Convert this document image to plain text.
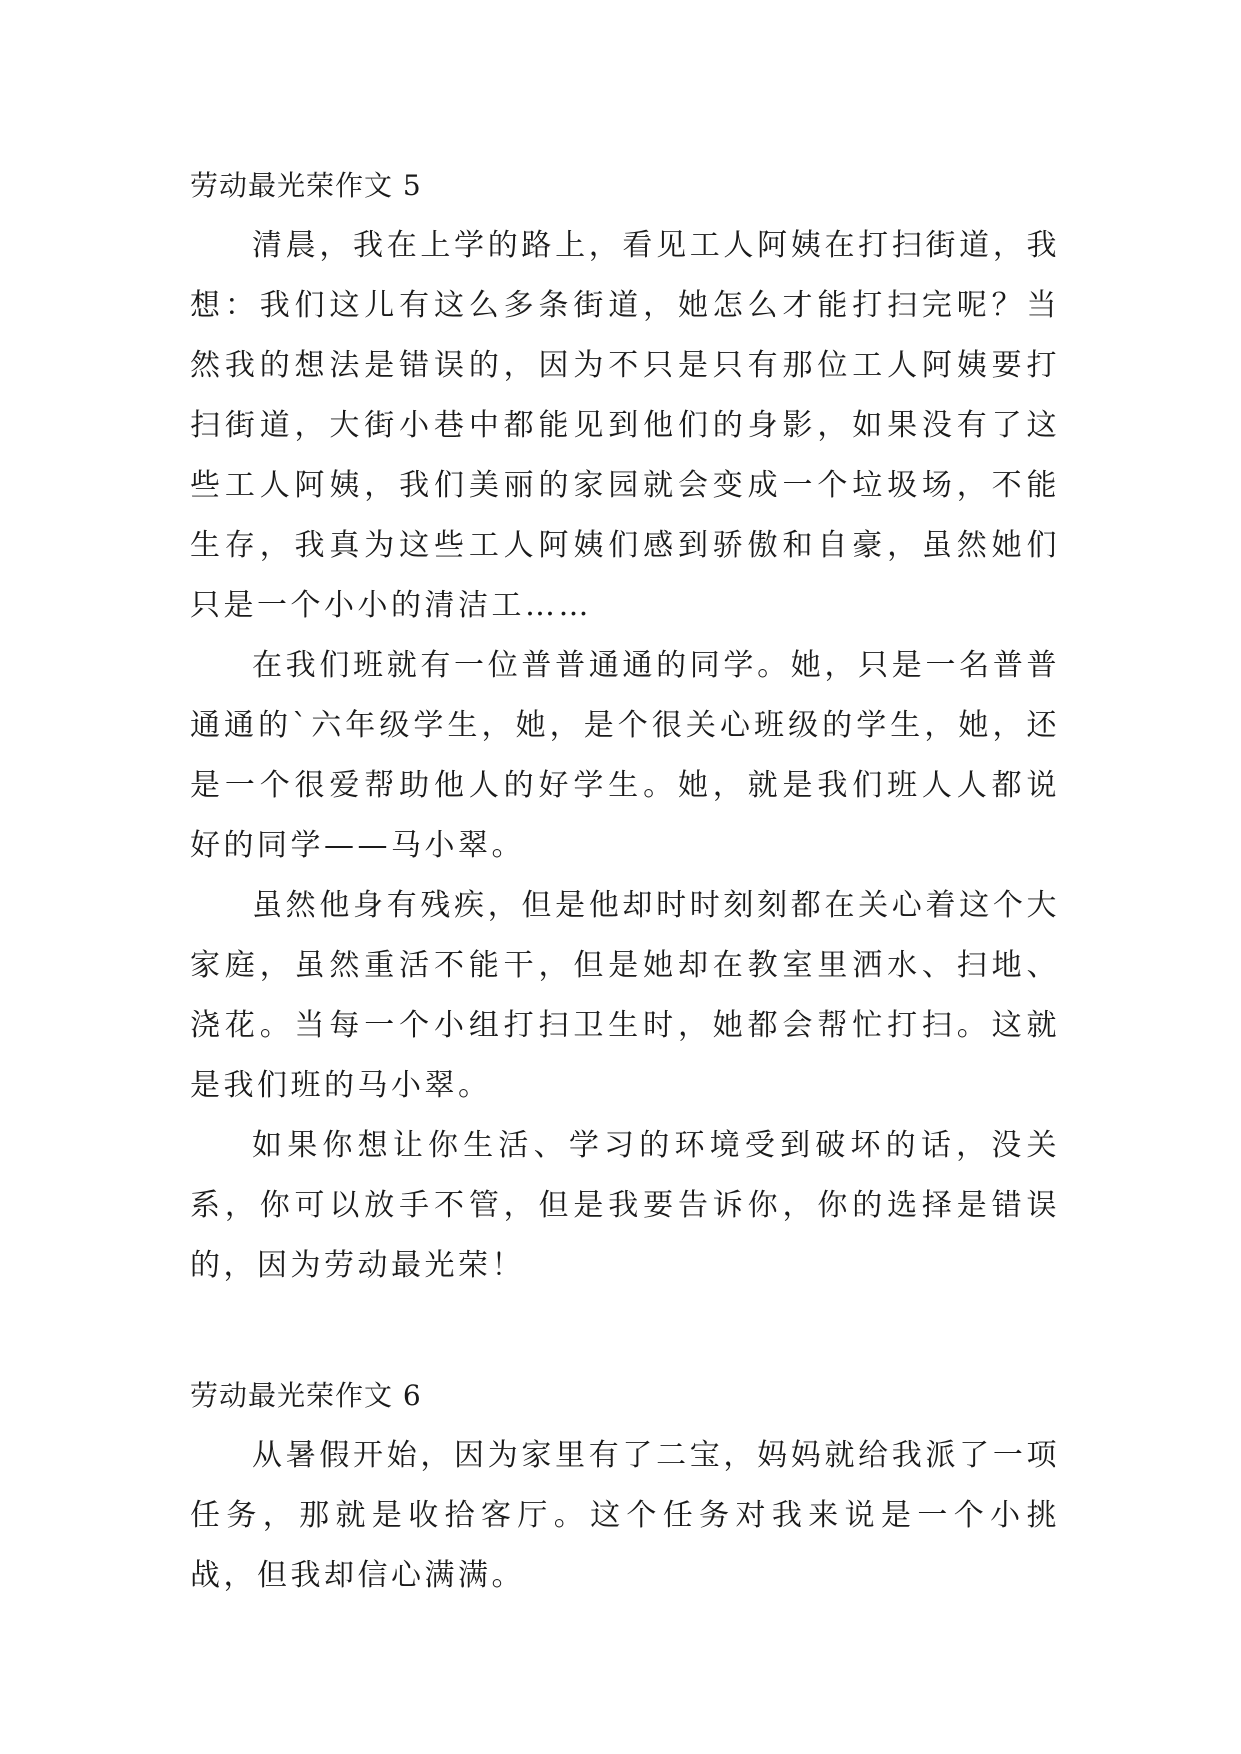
劳动最光荣作文 5

清晨，我在上学的路上，看见工人阿姨在打扫街道，我想：我们这儿有这么多条街道，她怎么才能打扫完呢？当然我的想法是错误的，因为不只是只有那位工人阿姨要打扫街道，大街小巷中都能见到他们的身影，如果没有了这些工人阿姨，我们美丽的家园就会变成一个垃圾场，不能生存，我真为这些工人阿姨们感到骄傲和自豪，虽然她们只是一个小小的清洁工……

在我们班就有一位普普通通的同学。她，只是一名普普通通的`六年级学生，她，是个很关心班级的学生，她，还是一个很爱帮助他人的好学生。她，就是我们班人人都说好的同学——马小翠。

虽然他身有残疾，但是他却时时刻刻都在关心着这个大家庭，虽然重活不能干，但是她却在教室里洒水、扫地、浇花。当每一个小组打扫卫生时，她都会帮忙打扫。这就是我们班的马小翠。

如果你想让你生活、学习的环境受到破坏的话，没关系，你可以放手不管，但是我要告诉你，你的选择是错误的，因为劳动最光荣！

劳动最光荣作文 6

从暑假开始，因为家里有了二宝，妈妈就给我派了一项任务，那就是收拾客厅。这个任务对我来说是一个小挑战，但我却信心满满。
